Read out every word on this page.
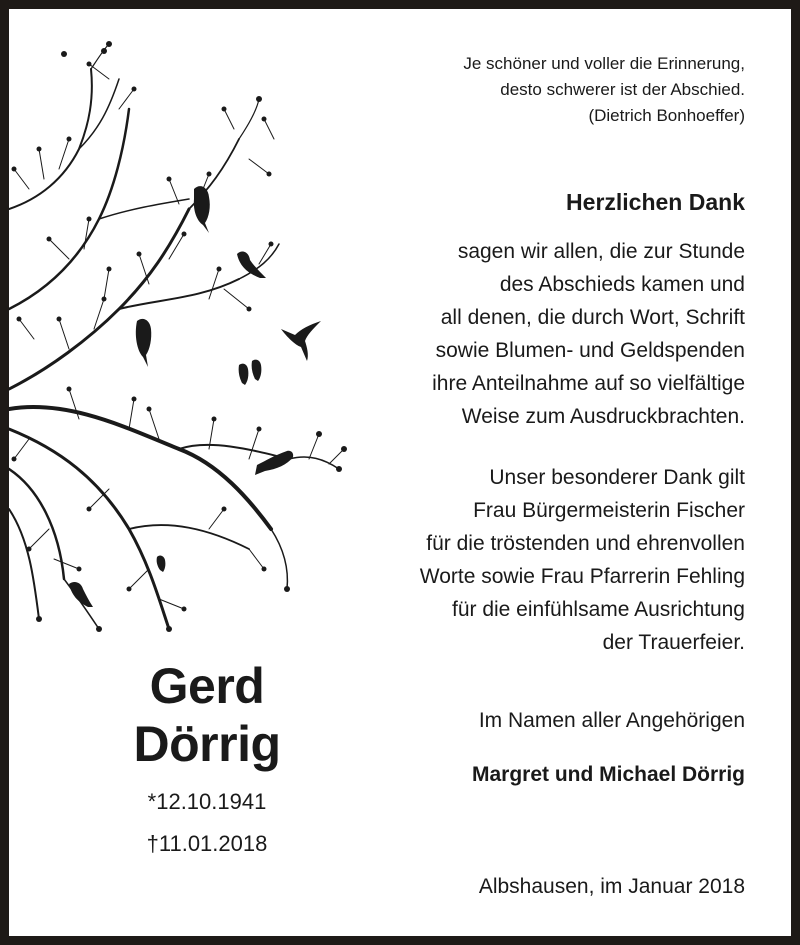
Je schöner und voller die Erinnerung,
desto schwerer ist der Abschied.
(Dietrich Bonhoeffer)
Herzlichen Dank
sagen wir allen, die zur Stunde
des Abschieds kamen und
all denen, die durch Wort, Schrift
sowie Blumen- und Geldspenden
ihre Anteilnahme auf so vielfältige
Weise zum Ausdruckbrachten.
Unser besonderer Dank gilt
Frau Bürgermeisterin Fischer
für die tröstenden und ehrenvollen
Worte sowie Frau Pfarrerin Fehling
für die einfühlsame Ausrichtung
der Trauerfeier.
Im Namen aller Angehörigen
Margret und Michael Dörrig
Albshausen, im Januar 2018
Gerd
Dörrig
*12.10.1941
†11.01.2018
